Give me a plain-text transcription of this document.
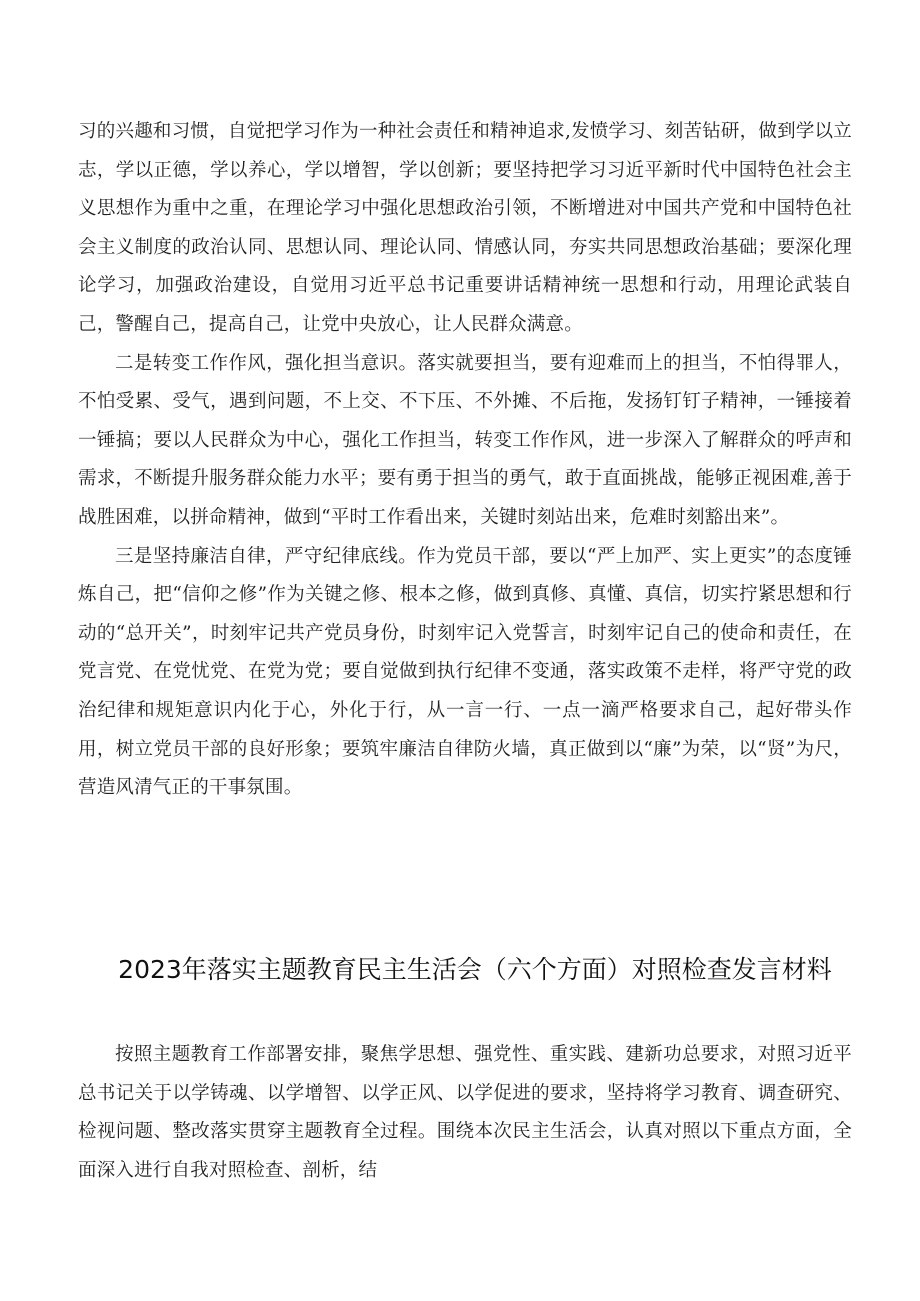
习的兴趣和习惯，自觉把学习作为一种社会责任和精神追求,发愤学习、刻苦钻研，做到学以立志，学以正德，学以养心，学以增智，学以创新；要坚持把学习习近平新时代中国特色社会主义思想作为重中之重，在理论学习中强化思想政治引领，不断增进对中国共产党和中国特色社会主义制度的政治认同、思想认同、理论认同、情感认同，夯实共同思想政治基础；要深化理论学习，加强政治建设，自觉用习近平总书记重要讲话精神统一思想和行动，用理论武装自己，警醒自己，提高自己，让党中央放心，让人民群众满意。

二是转变工作作风，强化担当意识。落实就要担当，要有迎难而上的担当，不怕得罪人，不怕受累、受气，遇到问题，不上交、不下压、不外摊、不后拖，发扬钉钉子精神，一锤接着一锤搞；要以人民群众为中心，强化工作担当，转变工作作风，进一步深入了解群众的呼声和需求，不断提升服务群众能力水平；要有勇于担当的勇气，敢于直面挑战，能够正视困难,善于战胜困难，以拼命精神，做到“平时工作看出来，关键时刻站出来，危难时刻豁出来”。

三是坚持廉洁自律，严守纪律底线。作为党员干部，要以“严上加严、实上更实”的态度锤炼自己，把“信仰之修”作为关键之修、根本之修，做到真修、真懂、真信，切实拧紧思想和行动的“总开关”，时刻牢记共产党员身份，时刻牢记入党誓言，时刻牢记自己的使命和责任，在党言党、在党忧党、在党为党；要自觉做到执行纪律不变通，落实政策不走样，将严守党的政治纪律和规矩意识内化于心，外化于行，从一言一行、一点一滴严格要求自己，起好带头作用，树立党员干部的良好形象；要筑牢廉洁自律防火墙，真正做到以“廉”为荣，以“贤”为尺，营造风清气正的干事氛围。

2023年落实主题教育民主生活会（六个方面）对照检查发言材料

按照主题教育工作部署安排，聚焦学思想、强党性、重实践、建新功总要求，对照习近平总书记关于以学铸魂、以学增智、以学正风、以学促进的要求，坚持将学习教育、调查研究、检视问题、整改落实贯穿主题教育全过程。围绕本次民主生活会，认真对照以下重点方面，全面深入进行自我对照检查、剖析，结
